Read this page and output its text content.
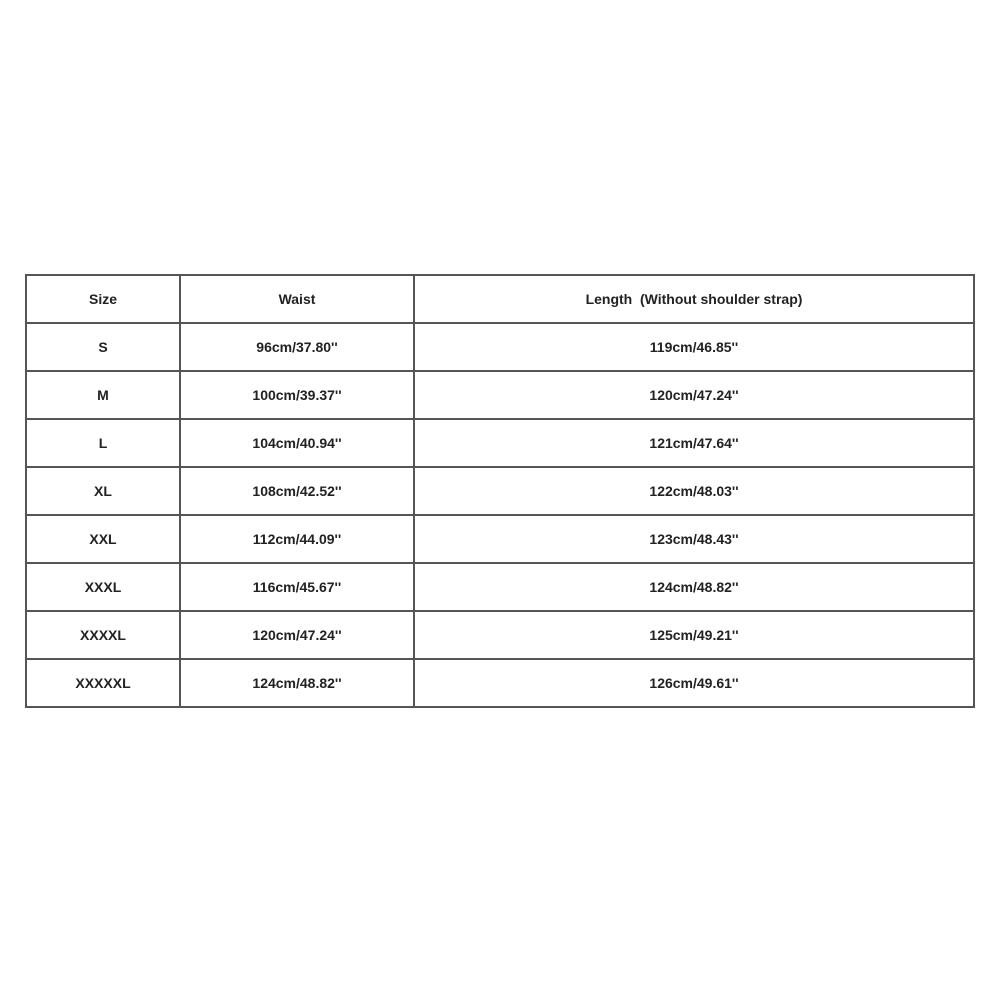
Size	Waist	Length  (Without shoulder strap)
S	96cm/37.80''	119cm/46.85''
M	100cm/39.37''	120cm/47.24''
L	104cm/40.94''	121cm/47.64''
XL	108cm/42.52''	122cm/48.03''
XXL	112cm/44.09''	123cm/48.43''
XXXL	116cm/45.67''	124cm/48.82''
XXXXL	120cm/47.24''	125cm/49.21''
XXXXXL	124cm/48.82''	126cm/49.61''
